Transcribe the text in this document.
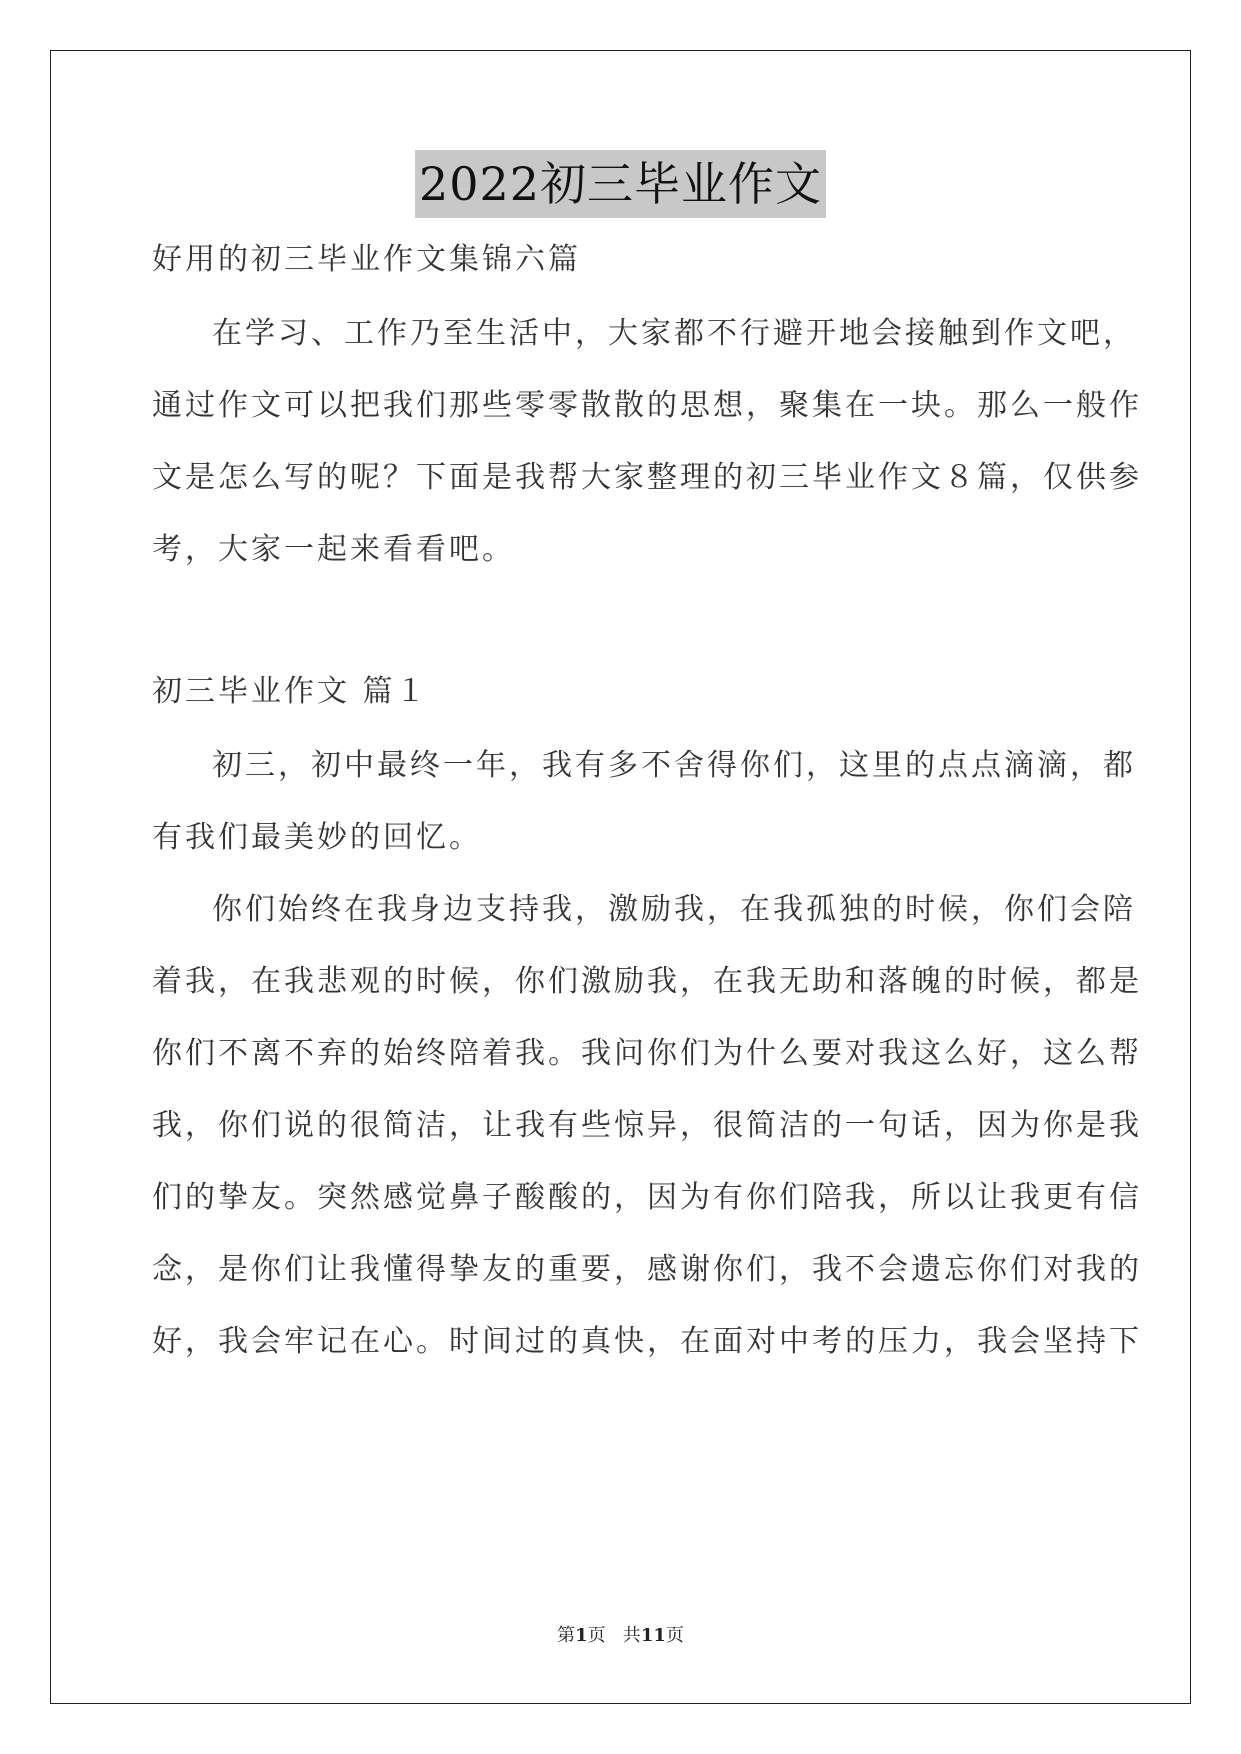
2022初三毕业作文
好用的初三毕业作文集锦六篇
在学习、工作乃至生活中，大家都不行避开地会接触到作文吧，
通过作文可以把我们那些零零散散的思想，聚集在一块。那么一般作
文是怎么写的呢？下面是我帮大家整理的初三毕业作文８篇，仅供参
考，大家一起来看看吧。
初三毕业作文 篇１
初三，初中最终一年，我有多不舍得你们，这里的点点滴滴，都
有我们最美妙的回忆。
你们始终在我身边支持我，激励我，在我孤独的时候，你们会陪
着我，在我悲观的时候，你们激励我，在我无助和落魄的时候，都是
你们不离不弃的始终陪着我。我问你们为什么要对我这么好，这么帮
我，你们说的很简洁，让我有些惊异，很简洁的一句话，因为你是我
们的挚友。突然感觉鼻子酸酸的，因为有你们陪我，所以让我更有信
念，是你们让我懂得挚友的重要，感谢你们，我不会遗忘你们对我的
好，我会牢记在心。时间过的真快，在面对中考的压力，我会坚持下
第1页   共11页
